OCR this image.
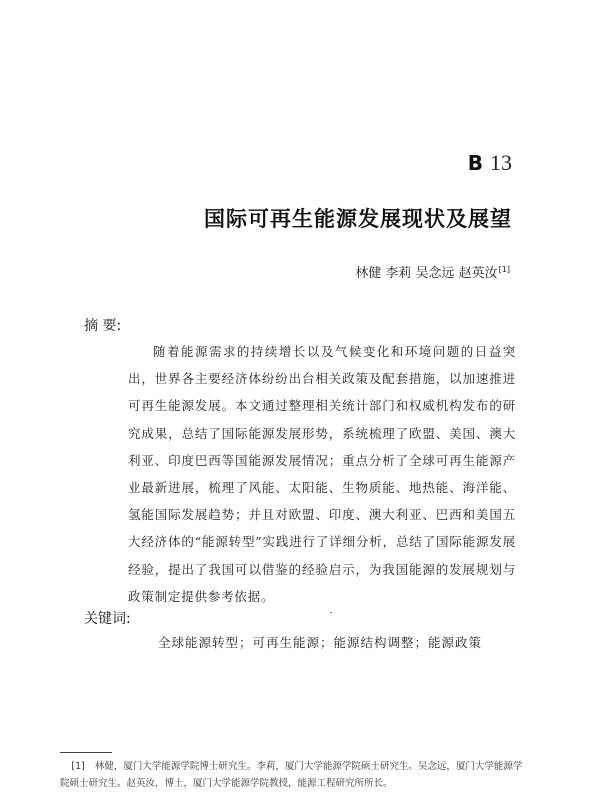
B 13
国际可再生能源发展现状及展望
林健 李莉 吴念远 赵英汝[1]
摘 要:
随着能源需求的持续增长以及气候变化和环境问题的日益突出，世界各主要经济体纷纷出台相关政策及配套措施，以加速推进可再生能源发展。本文通过整理相关统计部门和权威机构发布的研究成果，总结了国际能源发展形势，系统梳理了欧盟、美国、澳大利亚、印度巴西等国能源发展情况；重点分析了全球可再生能源产业最新进展，梳理了风能、太阳能、生物质能、地热能、海洋能、氢能国际发展趋势；并且对欧盟、印度、澳大利亚、巴西和美国五大经济体的“能源转型”实践进行了详细分析，总结了国际能源发展经验，提出了我国可以借鉴的经验启示，为我国能源的发展规划与政策制定提供参考依据。
关键词:
全球能源转型；可再生能源；能源结构调整；能源政策
[1] 林健，厦门大学能源学院博士研究生。李莉，厦门大学能源学院硕士研究生。吴念远，厦门大学能源学院硕士研究生。赵英汝，博士，厦门大学能源学院教授，能源工程研究所所长。
